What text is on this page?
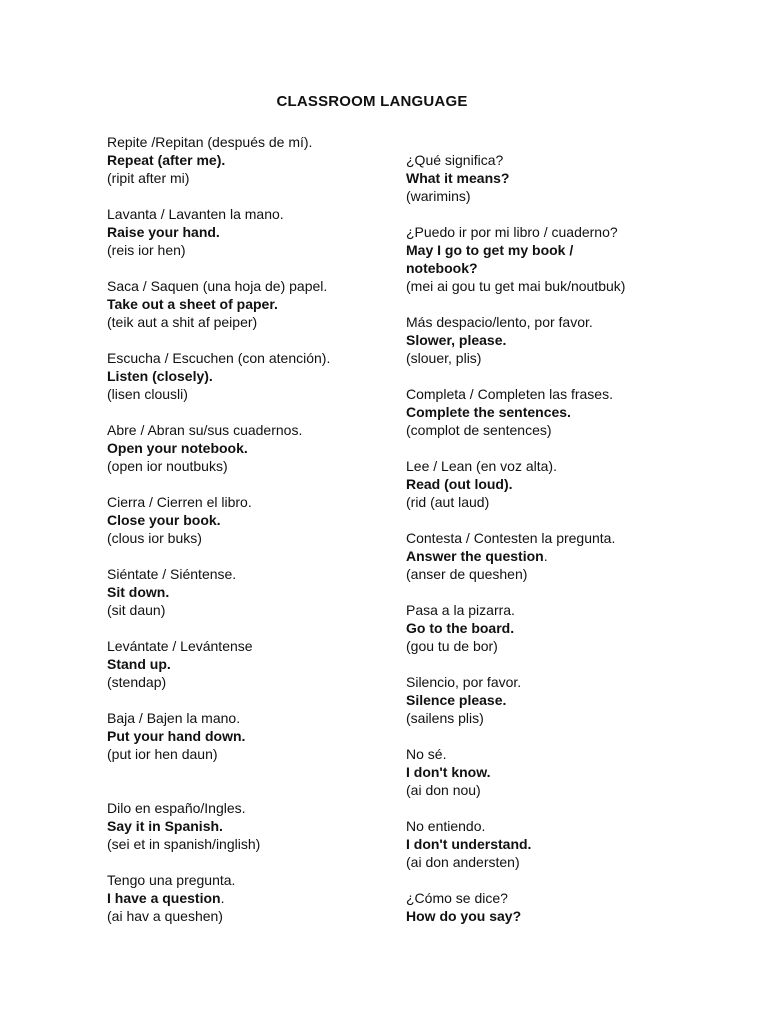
CLASSROOM LANGUAGE
Repite /Repitan (después de mí).
Repeat (after me).
(ripit after mi)
Lavanta / Lavanten la mano.
Raise your hand.
(reis ior hen)
Saca / Saquen (una hoja de) papel.
Take out a sheet of paper.
(teik aut a shit af peiper)
Escucha / Escuchen (con atención).
Listen (closely).
(lisen clousli)
Abre / Abran su/sus cuadernos.
Open your notebook.
(open ior noutbuks)
Cierra / Cierren el libro.
Close your book.
(clous ior buks)
Siéntate / Siéntense.
Sit down.
(sit daun)
Levántate / Levántense
Stand up.
(stendap)
Baja / Bajen la mano.
Put your hand down.
(put ior hen daun)
Dilo en españo/Ingles.
Say it in Spanish.
(sei et in spanish/inglish)
Tengo una pregunta.
I have a question.
(ai hav a queshen)
¿Qué significa?
What it means?
(warimins)
¿Puedo ir por mi libro / cuaderno?
May I go to get my book / notebook?
(mei ai gou tu get mai buk/noutbuk)
Más despacio/lento, por favor.
Slower, please.
(slouer, plis)
Completa / Completen las frases.
Complete the sentences.
(complot de sentences)
Lee / Lean (en voz alta).
Read (out loud).
(rid (aut laud)
Contesta / Contesten la pregunta.
Answer the question.
(anser de queshen)
Pasa a la pizarra.
Go to the board.
(gou tu de bor)
Silencio, por favor.
Silence please.
(sailens plis)
No sé.
I don't know.
(ai don nou)
No entiendo.
I don't understand.
(ai don andersten)
¿Cómo se dice?
How do you say?
